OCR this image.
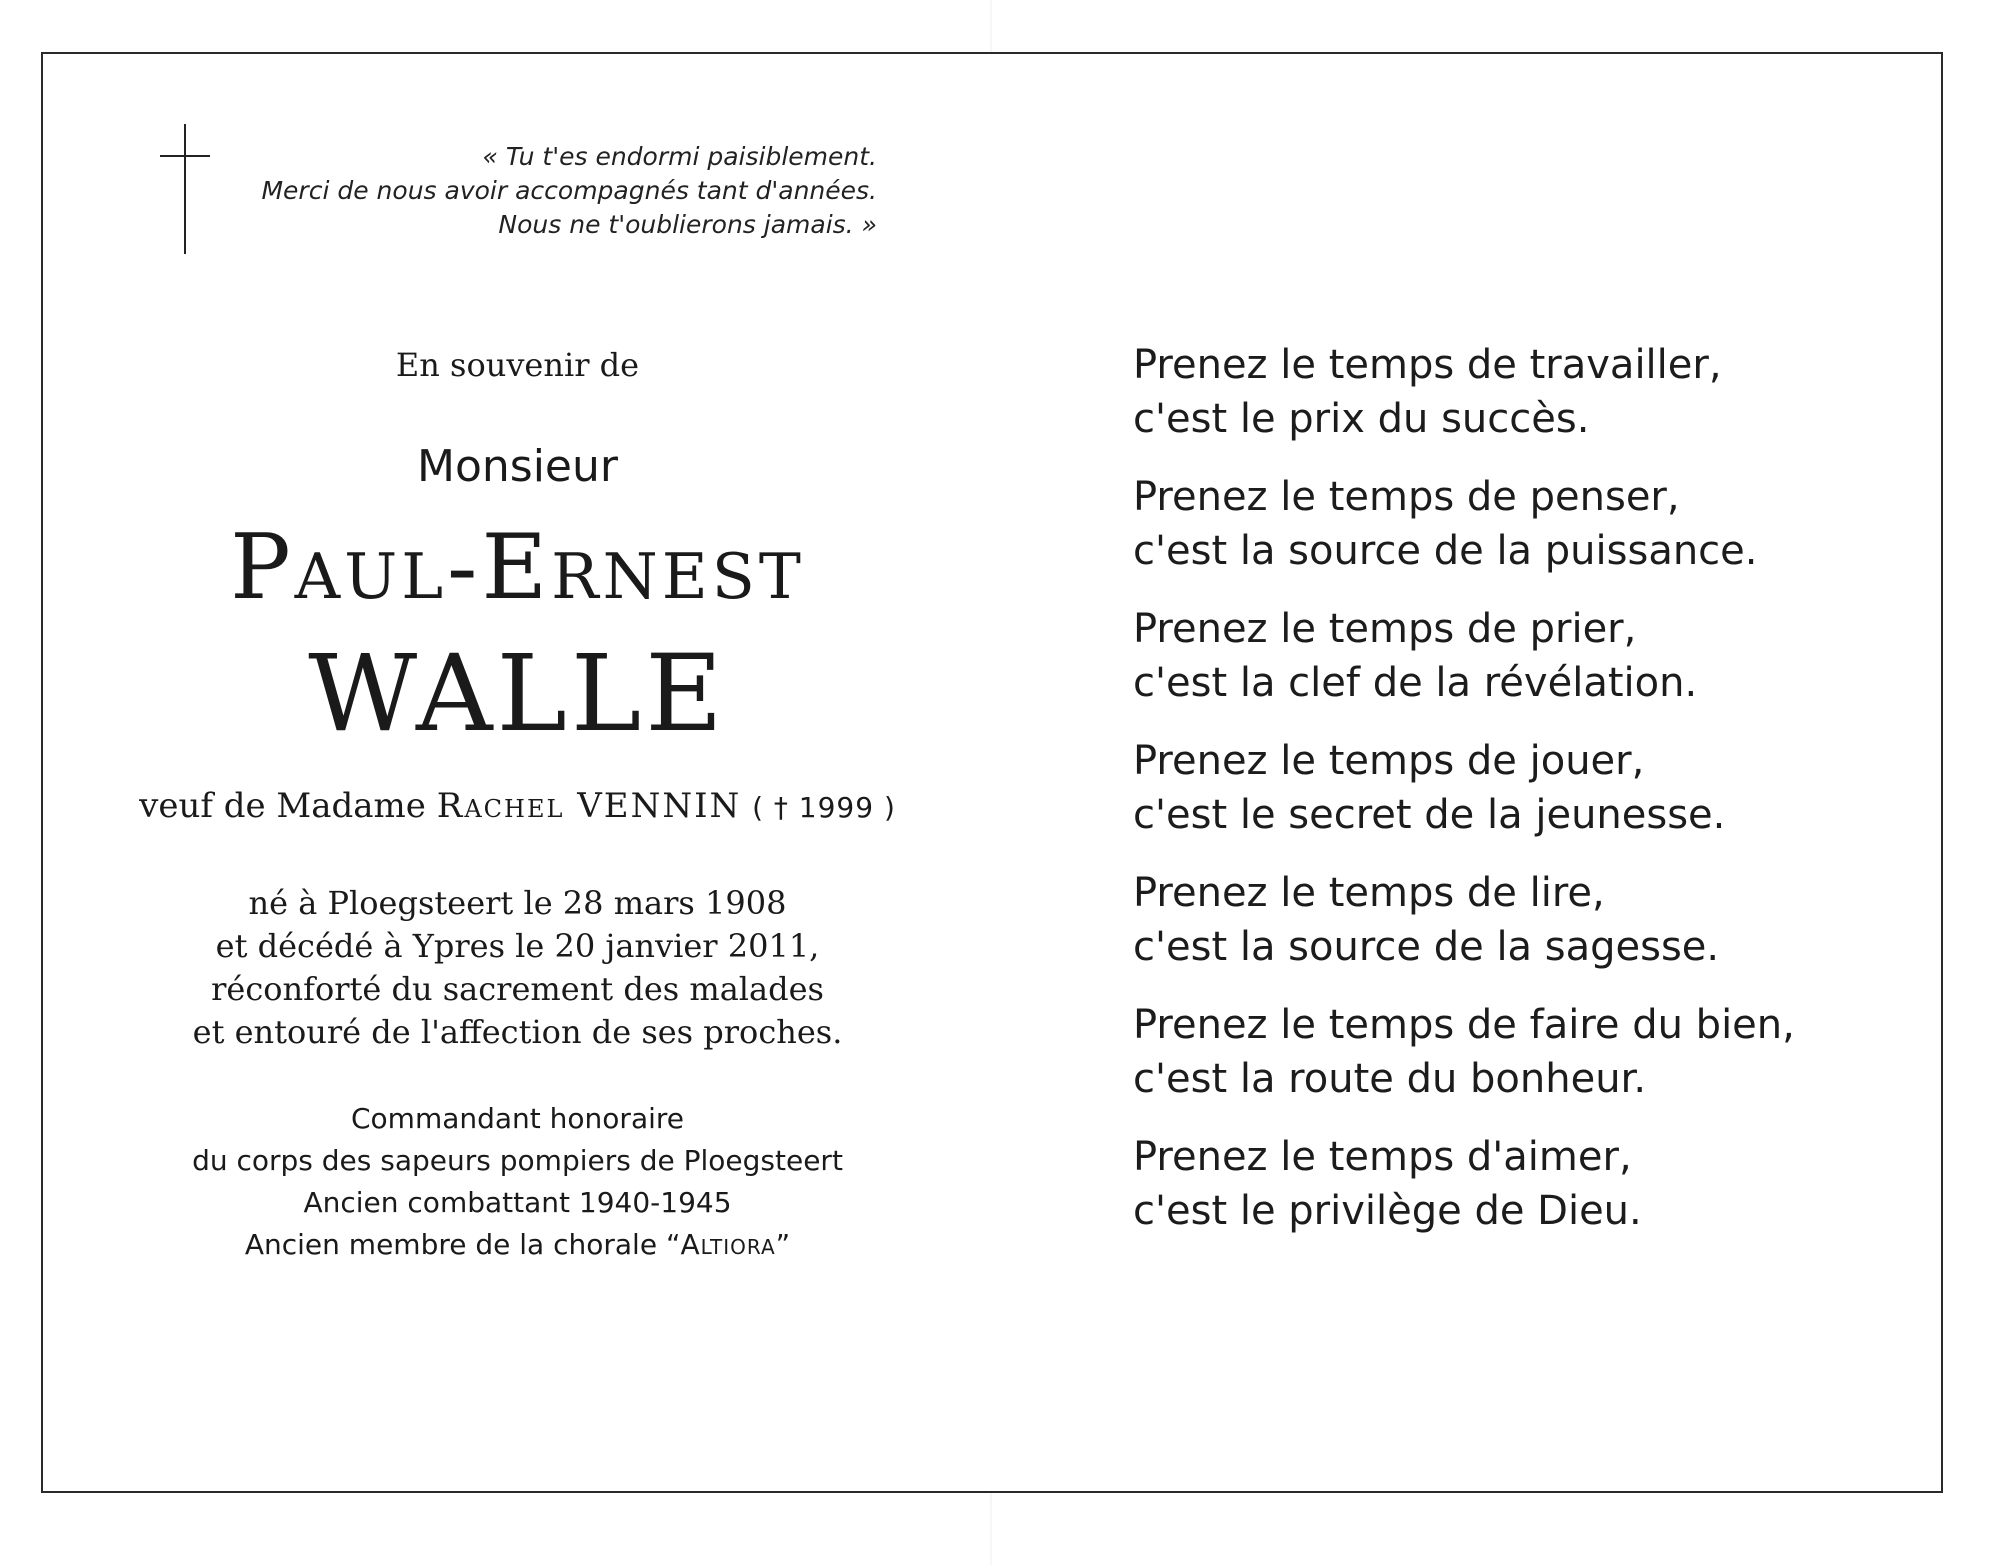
« Tu t'es endormi paisiblement.
Merci de nous avoir accompagnés tant d'années.
Nous ne t'oublierons jamais. »
En souvenir de
Monsieur
Paul-Ernest
WALLE
veuf de Madame Rachel VENNIN ( † 1999 )
né à Ploegsteert le 28 mars 1908
et décédé à Ypres le 20 janvier 2011,
réconforté du sacrement des malades
et entouré de l'affection de ses proches.
Commandant honoraire
du corps des sapeurs pompiers de Ploegsteert
Ancien combattant 1940-1945
Ancien membre de la chorale “Altiora”
Prenez le temps de travailler,
c'est le prix du succès.
Prenez le temps de penser,
c'est la source de la puissance.
Prenez le temps de prier,
c'est la clef de la révélation.
Prenez le temps de jouer,
c'est le secret de la jeunesse.
Prenez le temps de lire,
c'est la source de la sagesse.
Prenez le temps de faire du bien,
c'est la route du bonheur.
Prenez le temps d'aimer,
c'est le privilège de Dieu.
